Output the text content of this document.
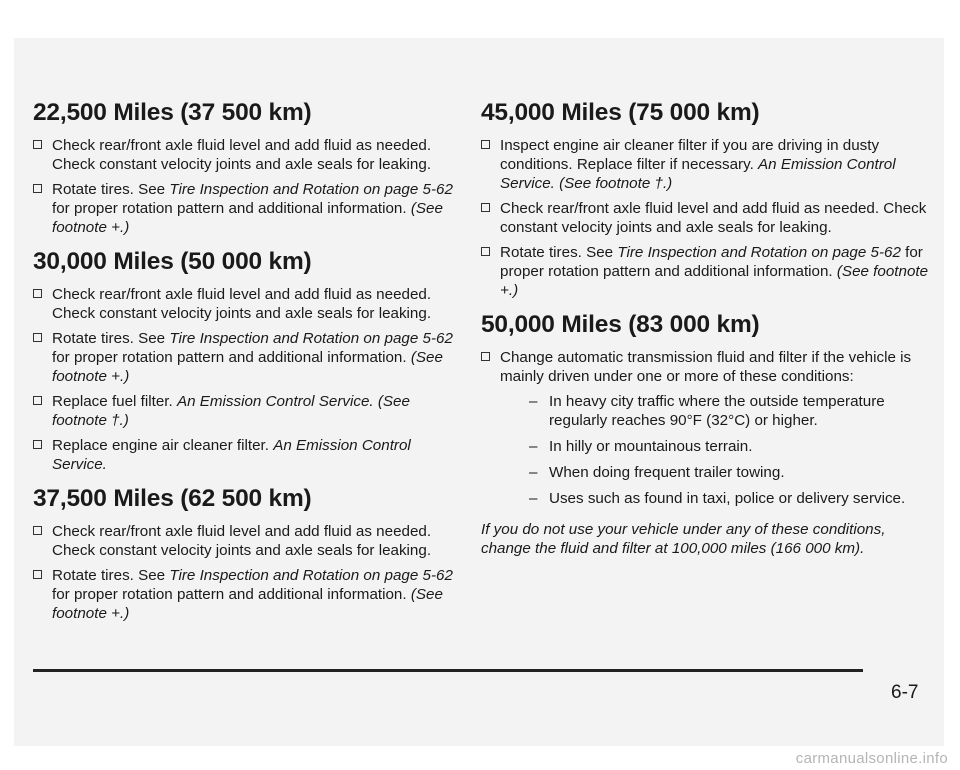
22,500 Miles (37 500 km)
Check rear/front axle fluid level and add fluid as needed. Check constant velocity joints and axle seals for leaking.
Rotate tires. See Tire Inspection and Rotation on page 5-62 for proper rotation pattern and additional information. (See footnote +.)
30,000 Miles (50 000 km)
Check rear/front axle fluid level and add fluid as needed. Check constant velocity joints and axle seals for leaking.
Rotate tires. See Tire Inspection and Rotation on page 5-62 for proper rotation pattern and additional information. (See footnote +.)
Replace fuel filter. An Emission Control Service. (See footnote †.)
Replace engine air cleaner filter. An Emission Control Service.
37,500 Miles (62 500 km)
Check rear/front axle fluid level and add fluid as needed. Check constant velocity joints and axle seals for leaking.
Rotate tires. See Tire Inspection and Rotation on page 5-62 for proper rotation pattern and additional information. (See footnote +.)
45,000 Miles (75 000 km)
Inspect engine air cleaner filter if you are driving in dusty conditions. Replace filter if necessary. An Emission Control Service. (See footnote †.)
Check rear/front axle fluid level and add fluid as needed. Check constant velocity joints and axle seals for leaking.
Rotate tires. See Tire Inspection and Rotation on page 5-62 for proper rotation pattern and additional information. (See footnote +.)
50,000 Miles (83 000 km)
Change automatic transmission fluid and filter if the vehicle is mainly driven under one or more of these conditions:
– In heavy city traffic where the outside temperature regularly reaches 90°F (32°C) or higher.
– In hilly or mountainous terrain.
– When doing frequent trailer towing.
– Uses such as found in taxi, police or delivery service.

If you do not use your vehicle under any of these conditions, change the fluid and filter at 100,000 miles (166 000 km).

6-7
carmanualsonline.info
